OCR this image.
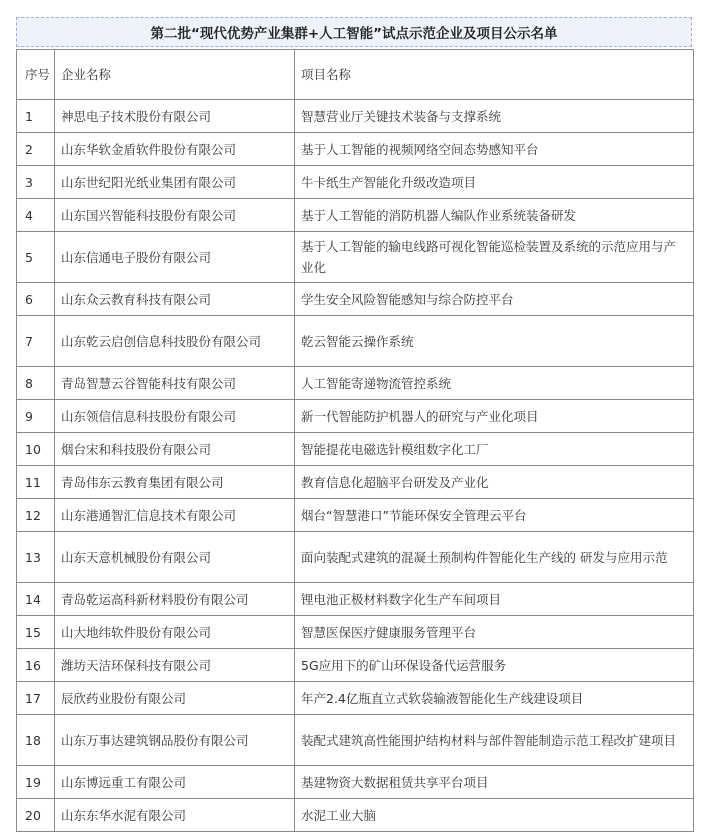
第二批“现代优势产业集群+人工智能”试点示范企业及项目公示名单
序号	企业名称	项目名称
1	神思电子技术股份有限公司	智慧营业厅关键技术装备与支撑系统
2	山东华软金盾软件股份有限公司	基于人工智能的视频网络空间态势感知平台
3	山东世纪阳光纸业集团有限公司	牛卡纸生产智能化升级改造项目
4	山东国兴智能科技股份有限公司	基于人工智能的消防机器人编队作业系统装备研发
5	山东信通电子股份有限公司	基于人工智能的输电线路可视化智能巡检装置及系统的示范应用与产业化
6	山东众云教育科技有限公司	学生安全风险智能感知与综合防控平台
7	山东乾云启创信息科技股份有限公司	乾云智能云操作系统
8	青岛智慧云谷智能科技有限公司	人工智能寄递物流管控系统
9	山东领信信息科技股份有限公司	新一代智能防护机器人的研究与产业化项目
10	烟台宋和科技股份有限公司	智能提花电磁选针模组数字化工厂
11	青岛伟东云教育集团有限公司	教育信息化超脑平台研发及产业化
12	山东港通智汇信息技术有限公司	烟台“智慧港口”节能环保安全管理云平台
13	山东天意机械股份有限公司	面向装配式建筑的混凝土预制构件智能化生产线的 研发与应用示范
14	青岛乾运高科新材料股份有限公司	锂电池正极材料数字化生产车间项目
15	山大地纬软件股份有限公司	智慧医保医疗健康服务管理平台
16	潍坊天洁环保科技有限公司	5G应用下的矿山环保设备代运营服务
17	辰欣药业股份有限公司	年产2.4亿瓶直立式软袋输液智能化生产线建设项目
18	山东万事达建筑钢品股份有限公司	装配式建筑高性能围护结构材料与部件智能制造示范工程改扩建项目
19	山东博远重工有限公司	基建物资大数据租赁共享平台项目
20	山东东华水泥有限公司	水泥工业大脑
